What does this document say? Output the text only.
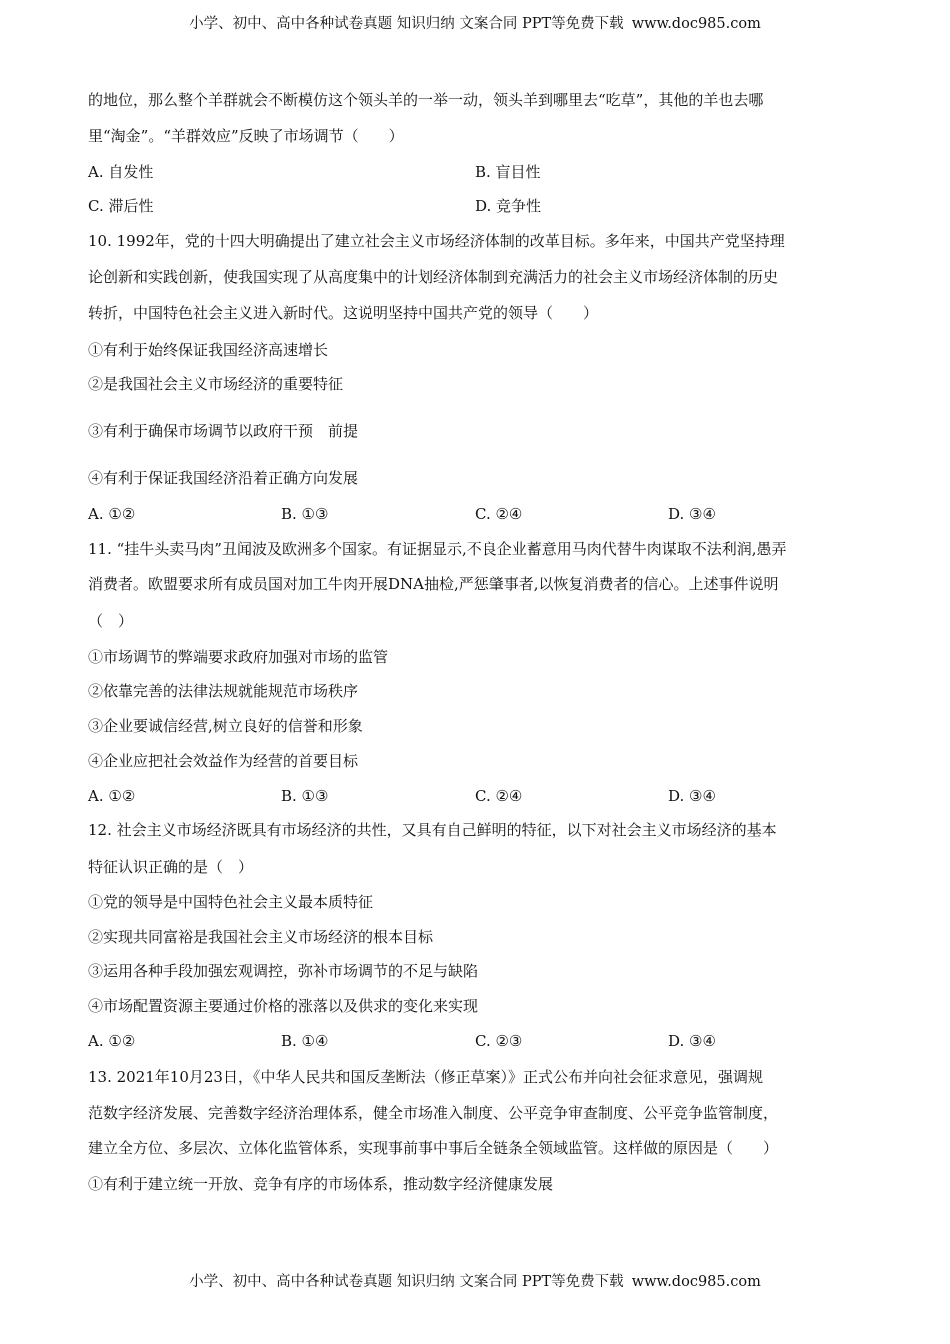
小学、初中、高中各种试卷真题 知识归纳 文案合同 PPT等免费下载 www.doc985.com
的地位，那么整个羊群就会不断模仿这个领头羊的一举一动，领头羊到哪里去“吃草”，其他的羊也去哪
里“淘金”。“羊群效应”反映了市场调节（　　）
A. 自发性	B. 盲目性
C. 滞后性	D. 竞争性
10. 1992年，党的十四大明确提出了建立社会主义市场经济体制的改革目标。多年来，中国共产党坚持理
论创新和实践创新，使我国实现了从高度集中的计划经济体制到充满活力的社会主义市场经济体制的历史
转折，中国特色社会主义进入新时代。这说明坚持中国共产党的领导（　　）
①有利于始终保证我国经济高速增长
②是我国社会主义市场经济的重要特征
③有利于确保市场调节以政府干预　前提
④有利于保证我国经济沿着正确方向发展
A. ①②	B. ①③	C. ②④	D. ③④
11. “挂牛头卖马肉”丑闻波及欧洲多个国家。有证据显示,不良企业蓄意用马肉代替牛肉谋取不法利润,愚弄
消费者。欧盟要求所有成员国对加工牛肉开展DNA抽检,严惩肇事者,以恢复消费者的信心。上述事件说明
（　）
①市场调节的弊端要求政府加强对市场的监管
②依靠完善的法律法规就能规范市场秩序
③企业要诚信经营,树立良好的信誉和形象
④企业应把社会效益作为经营的首要目标
A. ①②	B. ①③	C. ②④	D. ③④
12. 社会主义市场经济既具有市场经济的共性，又具有自己鲜明的特征，以下对社会主义市场经济的基本
特征认识正确的是（　）
①党的领导是中国特色社会主义最本质特征
②实现共同富裕是我国社会主义市场经济的根本目标
③运用各种手段加强宏观调控，弥补市场调节的不足与缺陷
④市场配置资源主要通过价格的涨落以及供求的变化来实现
A. ①②	B. ①④	C. ②③	D. ③④
13. 2021年10月23日，《中华人民共和国反垄断法（修正草案）》正式公布并向社会征求意见，强调规
范数字经济发展、完善数字经济治理体系，健全市场准入制度、公平竞争审查制度、公平竞争监管制度，
建立全方位、多层次、立体化监管体系，实现事前事中事后全链条全领域监管。这样做的原因是（　　）
①有利于建立统一开放、竞争有序的市场体系，推动数字经济健康发展
小学、初中、高中各种试卷真题 知识归纳 文案合同 PPT等免费下载 www.doc985.com
